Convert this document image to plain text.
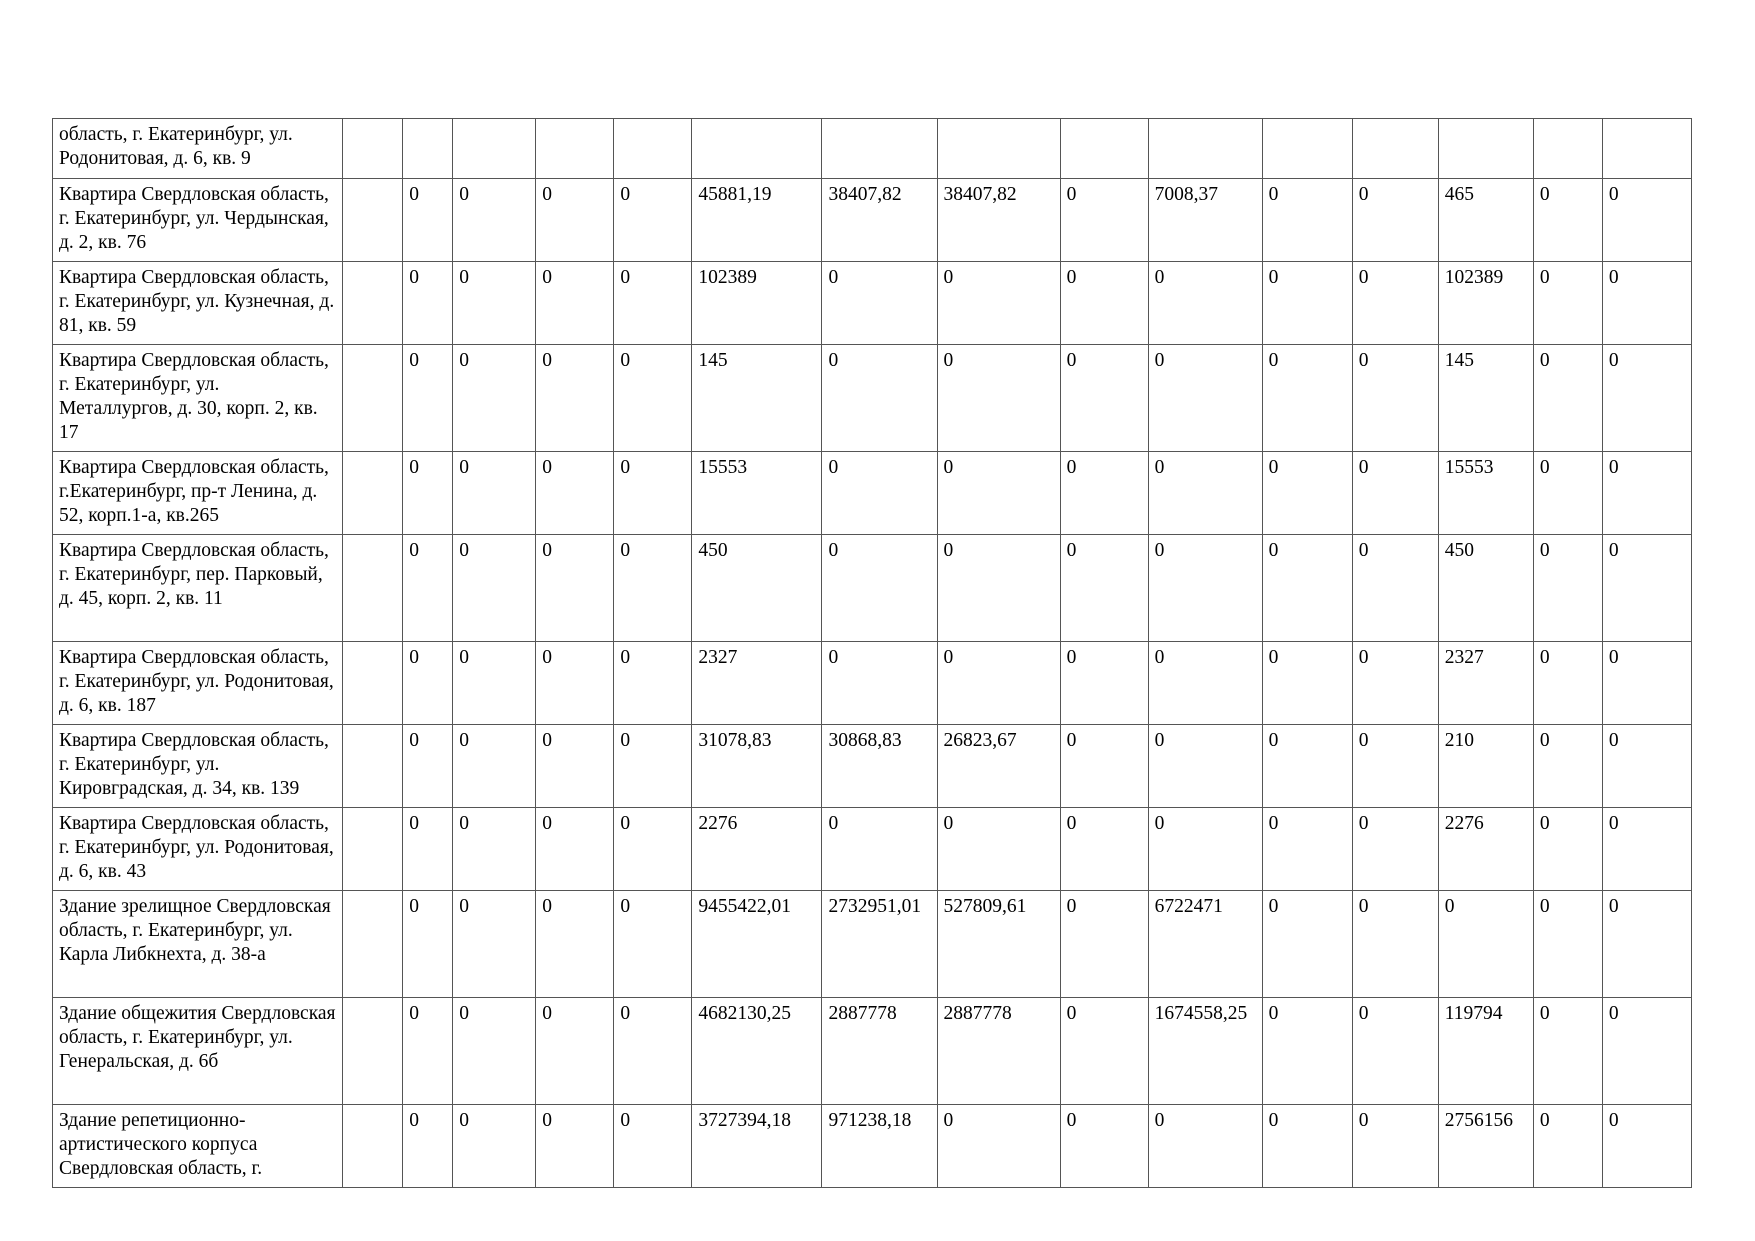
область, г. Екатеринбург, ул. Родонитовая, д. 6, кв. 9															
Квартира Свердловская область, г. Екатеринбург, ул. Чердынская, д. 2, кв. 76		0	0	0	0	45881,19	38407,82	38407,82	0	7008,37	0	0	465	0	0
Квартира Свердловская область, г. Екатеринбург, ул. Кузнечная, д. 81, кв. 59		0	0	0	0	102389	0	0	0	0	0	0	102389	0	0
Квартира Свердловская область, г. Екатеринбург, ул. Металлургов, д. 30, корп. 2, кв. 17		0	0	0	0	145	0	0	0	0	0	0	145	0	0
Квартира Свердловская область, г.Екатеринбург, пр-т Ленина, д. 52, корп.1-а, кв.265		0	0	0	0	15553	0	0	0	0	0	0	15553	0	0
Квартира Свердловская область, г. Екатеринбург, пер. Парковый, д. 45, корп. 2, кв. 11		0	0	0	0	450	0	0	0	0	0	0	450	0	0
Квартира Свердловская область, г. Екатеринбург, ул. Родонитовая, д. 6, кв. 187		0	0	0	0	2327	0	0	0	0	0	0	2327	0	0
Квартира Свердловская область, г. Екатеринбург, ул. Кировградская, д. 34, кв. 139		0	0	0	0	31078,83	30868,83	26823,67	0	0	0	0	210	0	0
Квартира Свердловская область, г. Екатеринбург, ул. Родонитовая, д. 6, кв. 43		0	0	0	0	2276	0	0	0	0	0	0	2276	0	0
Здание зрелищное Свердловская область, г. Екатеринбург, ул. Карла Либкнехта, д. 38-а		0	0	0	0	9455422,01	2732951,01	527809,61	0	6722471	0	0	0	0	0
Здание общежития Свердловская область, г. Екатеринбург, ул. Генеральская, д. 6б		0	0	0	0	4682130,25	2887778	2887778	0	1674558,25	0	0	119794	0	0
Здание репетиционно-артистического корпуса Свердловская область, г.		0	0	0	0	3727394,18	971238,18	0	0	0	0	0	2756156	0	0
